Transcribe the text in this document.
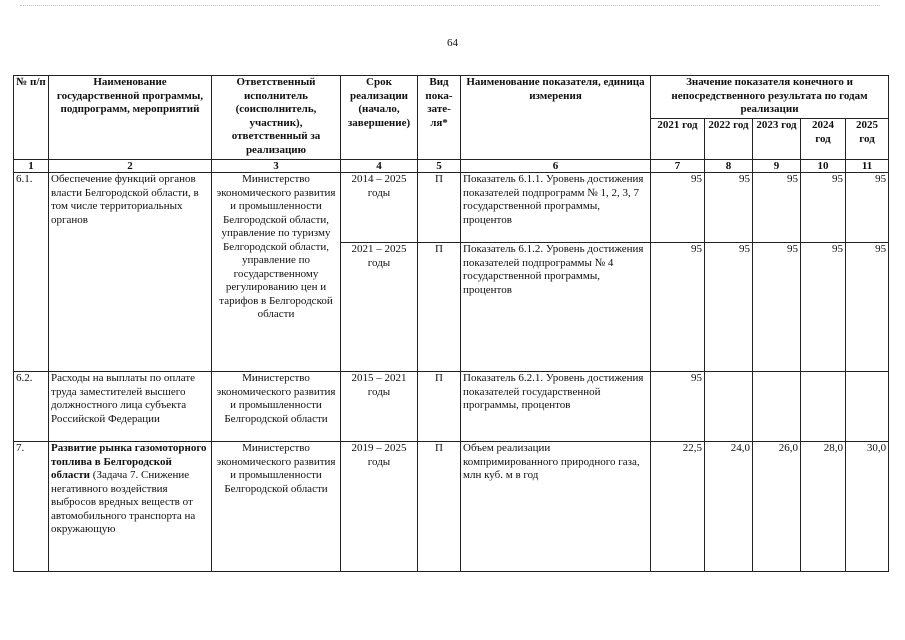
64
№ п/п	Наименование государственной программы, подпрограмм, мероприятий	Ответственный исполнитель (соисполнитель, участник), ответственный за реализацию	Срок реализации (начало, завершение)	Вид пока-зате-ля*	Наименование показателя, единица измерения	Значение показателя конечного и непосредственного результата по годам реализации				
						2021 год	2022 год	2023 год	2024 год	2025 год
1	2	3	4	5	6	7	8	9	10	11
6.1.	Обеспечение функций органов власти Белгородской области, в том числе территориальных органов	Министерство экономического развития и промышленности Белгородской области, управление по туризму Белгородской области, управление по государственному регулированию цен и тарифов в Белгородской области	2014 – 2025 годы	П	Показатель 6.1.1. Уровень достижения показателей подпрограмм № 1, 2, 3, 7 государственной программы, процентов	95	95	95	95	95
			2021 – 2025 годы	П	Показатель 6.1.2. Уровень достижения показателей подпрограммы № 4 государственной программы, процентов	95	95	95	95	95
6.2.	Расходы на выплаты по оплате труда заместителей высшего должностного лица субъекта Российской Федерации	Министерство экономического развития и промышленности Белгородской области	2015 – 2021 годы	П	Показатель 6.2.1. Уровень достижения показателей государственной программы, процентов	95				
7.	Развитие рынка газомоторного топлива в Белгородской области (Задача 7. Снижение негативного воздействия выбросов вредных веществ от автомобильного транспорта на окружающую	Министерство экономического развития и промышленности Белгородской области	2019 – 2025 годы	П	Объем реализации компримированного природного газа, млн куб. м в год	22,5	24,0	26,0	28,0	30,0
